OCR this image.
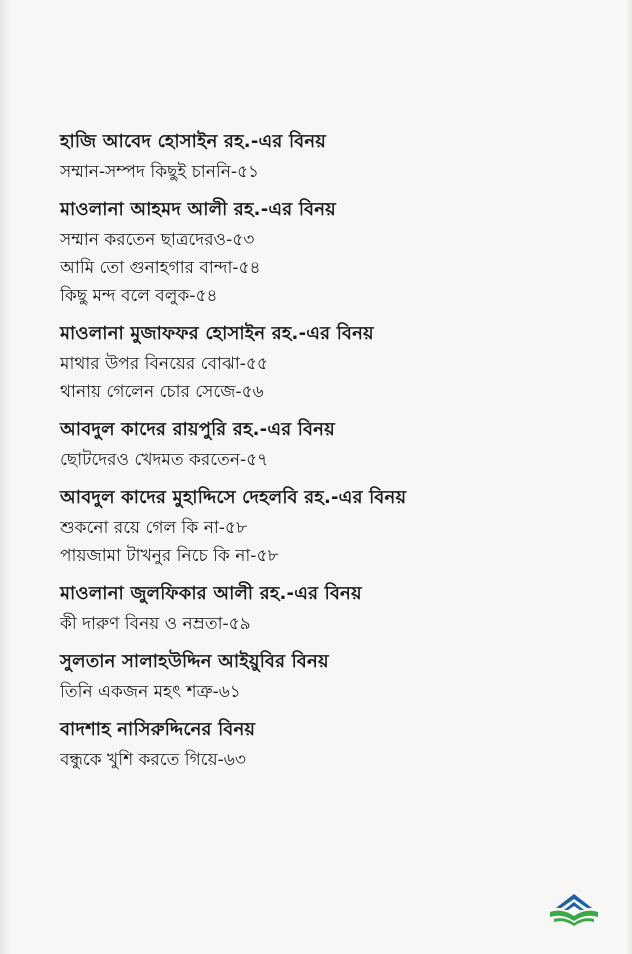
হাজি আবেদ হোসাইন রহ.-এর বিনয়

সম্মান-সম্পদ কিছুই চাননি-৫১

মাওলানা আহমদ আলী রহ.-এর বিনয়

সম্মান করতেন ছাত্রদেরও-৫৩

আমি তো গুনাহগার বান্দা-৫৪

কিছু মন্দ বলে বলুক-৫৪

মাওলানা মুজাফফর হোসাইন রহ.-এর বিনয়

মাথার উপর বিনয়ের বোঝা-৫৫

থানায় গেলেন চোর সেজে-৫৬

আবদুল কাদের রায়পুরি রহ.-এর বিনয়

ছোটদেরও খেদমত করতেন-৫৭

আবদুল কাদের মুহাদ্দিসে দেহলবি রহ.-এর বিনয়

শুকনো রয়ে গেল কি না-৫৮

পায়জামা টাখনুর নিচে কি না-৫৮

মাওলানা জুলফিকার আলী রহ.-এর বিনয়

কী দারুণ বিনয় ও নম্রতা-৫৯

সুলতান সালাহউদ্দিন আইয়ুবির বিনয়

তিনি একজন মহৎ শত্রু-৬১

বাদশাহ নাসিরুদ্দিনের বিনয়

বন্ধুকে খুশি করতে গিয়ে-৬৩
